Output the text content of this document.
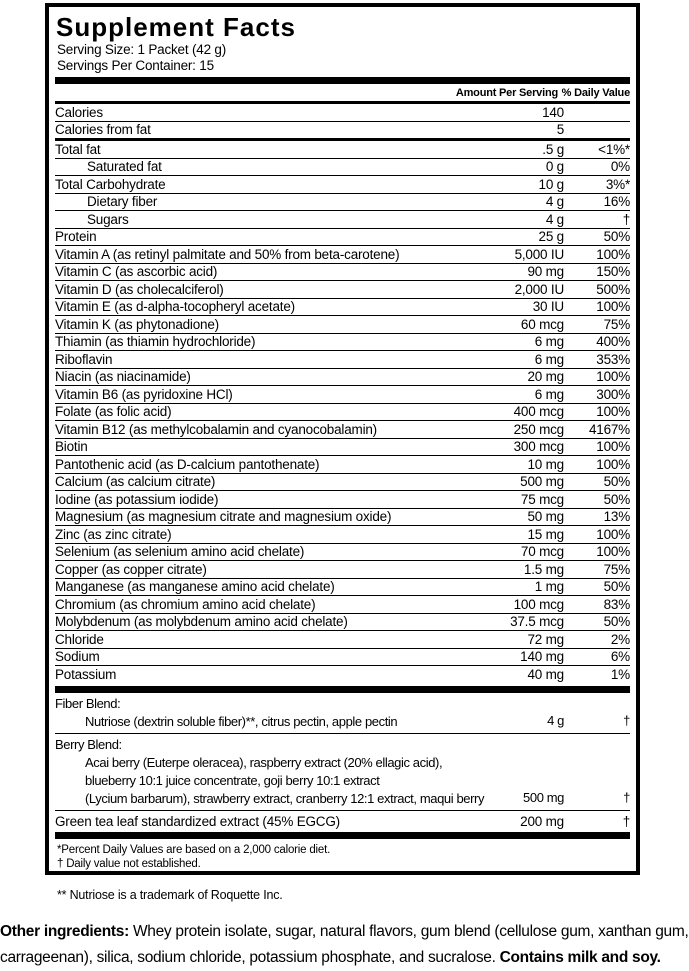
Supplement Facts
Serving Size: 1 Packet (42 g)
Servings Per Container: 15
Amount Per Serving % Daily Value
Calories	140
Calories from fat	5
Total fat	.5 g	<1%*
Saturated fat	0 g	0%
Total Carbohydrate	10 g	3%*
Dietary fiber	4 g	16%
Sugars	4 g	†
Protein	25 g	50%
Vitamin A (as retinyl palmitate and 50% from beta-carotene)	5,000 IU	100%
Vitamin C (as ascorbic acid)	90 mg	150%
Vitamin D (as cholecalciferol)	2,000 IU	500%
Vitamin E (as d-alpha-tocopheryl acetate)	30 IU	100%
Vitamin K (as phytonadione)	60 mcg	75%
Thiamin (as thiamin hydrochloride)	6 mg	400%
Riboflavin	6 mg	353%
Niacin (as niacinamide)	20 mg	100%
Vitamin B6 (as pyridoxine HCl)	6 mg	300%
Folate (as folic acid)	400 mcg	100%
Vitamin B12 (as methylcobalamin and cyanocobalamin)	250 mcg	4167%
Biotin	300 mcg	100%
Pantothenic acid (as D-calcium pantothenate)	10 mg	100%
Calcium (as calcium citrate)	500 mg	50%
Iodine (as potassium iodide)	75 mcg	50%
Magnesium (as magnesium citrate and magnesium oxide)	50 mg	13%
Zinc (as zinc citrate)	15 mg	100%
Selenium (as selenium amino acid chelate)	70 mcg	100%
Copper (as copper citrate)	1.5 mg	75%
Manganese (as manganese amino acid chelate)	1 mg	50%
Chromium (as chromium amino acid chelate)	100 mcg	83%
Molybdenum (as molybdenum amino acid chelate)	37.5 mcg	50%
Chloride	72 mg	2%
Sodium	140 mg	6%
Potassium	40 mg	1%
Fiber Blend:
Nutriose (dextrin soluble fiber)**, citrus pectin, apple pectin	4 g	†
Berry Blend:
Acai berry (Euterpe oleracea), raspberry extract (20% ellagic acid),
blueberry 10:1 juice concentrate, goji berry 10:1 extract
(Lycium barbarum), strawberry extract, cranberry 12:1 extract, maqui berry	500 mg	†
Green tea leaf standardized extract (45% EGCG)	200 mg	†
*Percent Daily Values are based on a 2,000 calorie diet.
† Daily value not established.
** Nutriose is a trademark of Roquette Inc.

Other ingredients: Whey protein isolate, sugar, natural flavors, gum blend (cellulose gum, xanthan gum, carrageenan), silica, sodium chloride, potassium phosphate, and sucralose. Contains milk and soy.
